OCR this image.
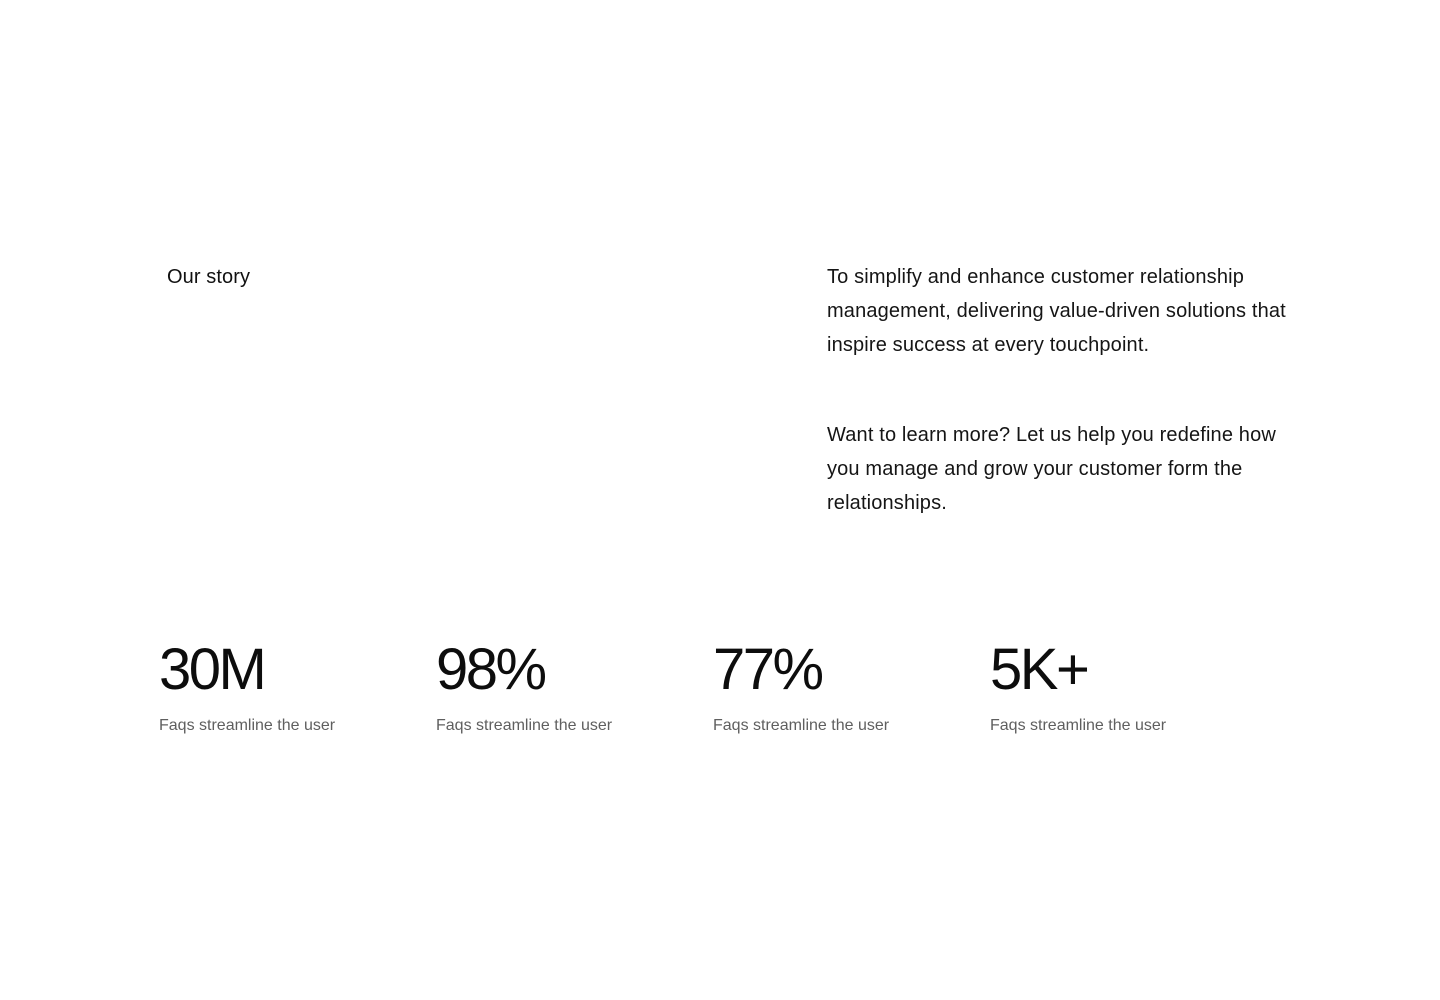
Our story	To simplify and enhance customer relationship management, delivering value-driven solutions that inspire success at every touchpoint.

Want to learn more? Let us help you redefine how you manage and grow your customer form the relationships.

30M
Faqs streamline the user
98%
Faqs streamline the user
77%
Faqs streamline the user
5K+
Faqs streamline the user
